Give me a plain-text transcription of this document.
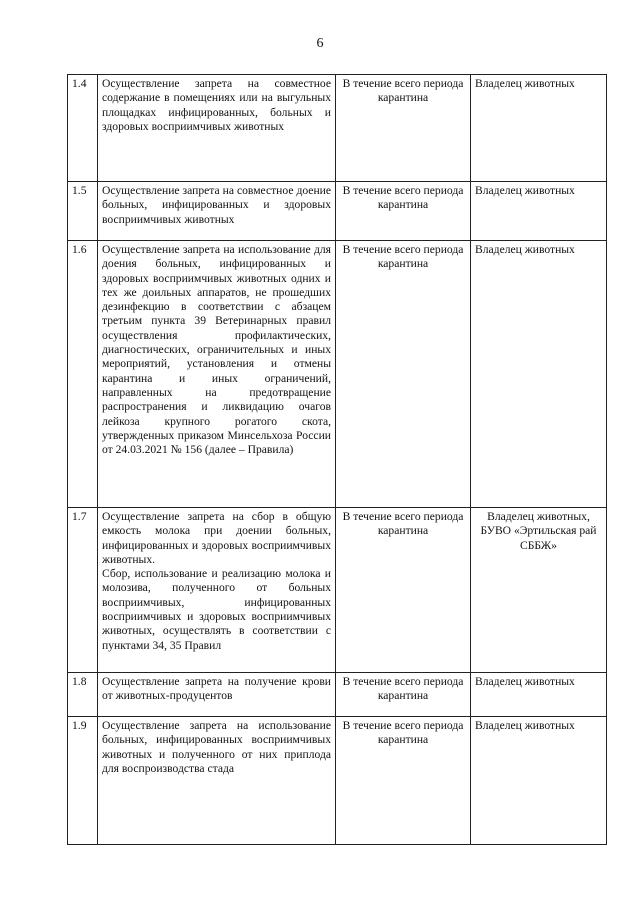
6
1.4	Осуществление запрета на совместное содержание в помещениях или на выгульных площадках инфицированных, больных и здоровых восприимчивых животных	В течение всего периода карантина	Владелец животных
1.5	Осуществление запрета на совместное доение больных, инфицированных и здоровых восприимчивых животных	В течение всего периода карантина	Владелец животных
1.6	Осуществление запрета на использование для доения больных, инфицированных и здоровых восприимчивых животных одних и тех же доильных аппаратов, не прошедших дезинфекцию в соответствии с абзацем третьим пункта 39 Ветеринарных правил осуществления профилактических, диагностических, ограничительных и иных мероприятий, установления и отмены карантина и иных ограничений, направленных на предотвращение распространения и ликвидацию очагов лейкоза крупного рогатого скота, утвержденных приказом Минсельхоза России от 24.03.2021 № 156 (далее – Правила)	В течение всего периода карантина	Владелец животных
1.7	Осуществление запрета на сбор в общую емкость молока при доении больных, инфицированных и здоровых восприимчивых животных.
Сбор, использование и реализацию молока и молозива, полученного от больных восприимчивых, инфицированных восприимчивых и здоровых восприимчивых животных, осуществлять в соответствии с пунктами 34, 35 Правил	В течение всего периода карантина	Владелец животных, БУВО «Эртильская рай СББЖ»
1.8	Осуществление запрета на получение крови от животных-продуцентов	В течение всего периода карантина	Владелец животных
1.9	Осуществление запрета на использование больных, инфицированных восприимчивых животных и полученного от них приплода для воспроизводства стада	В течение всего периода карантина	Владелец животных
